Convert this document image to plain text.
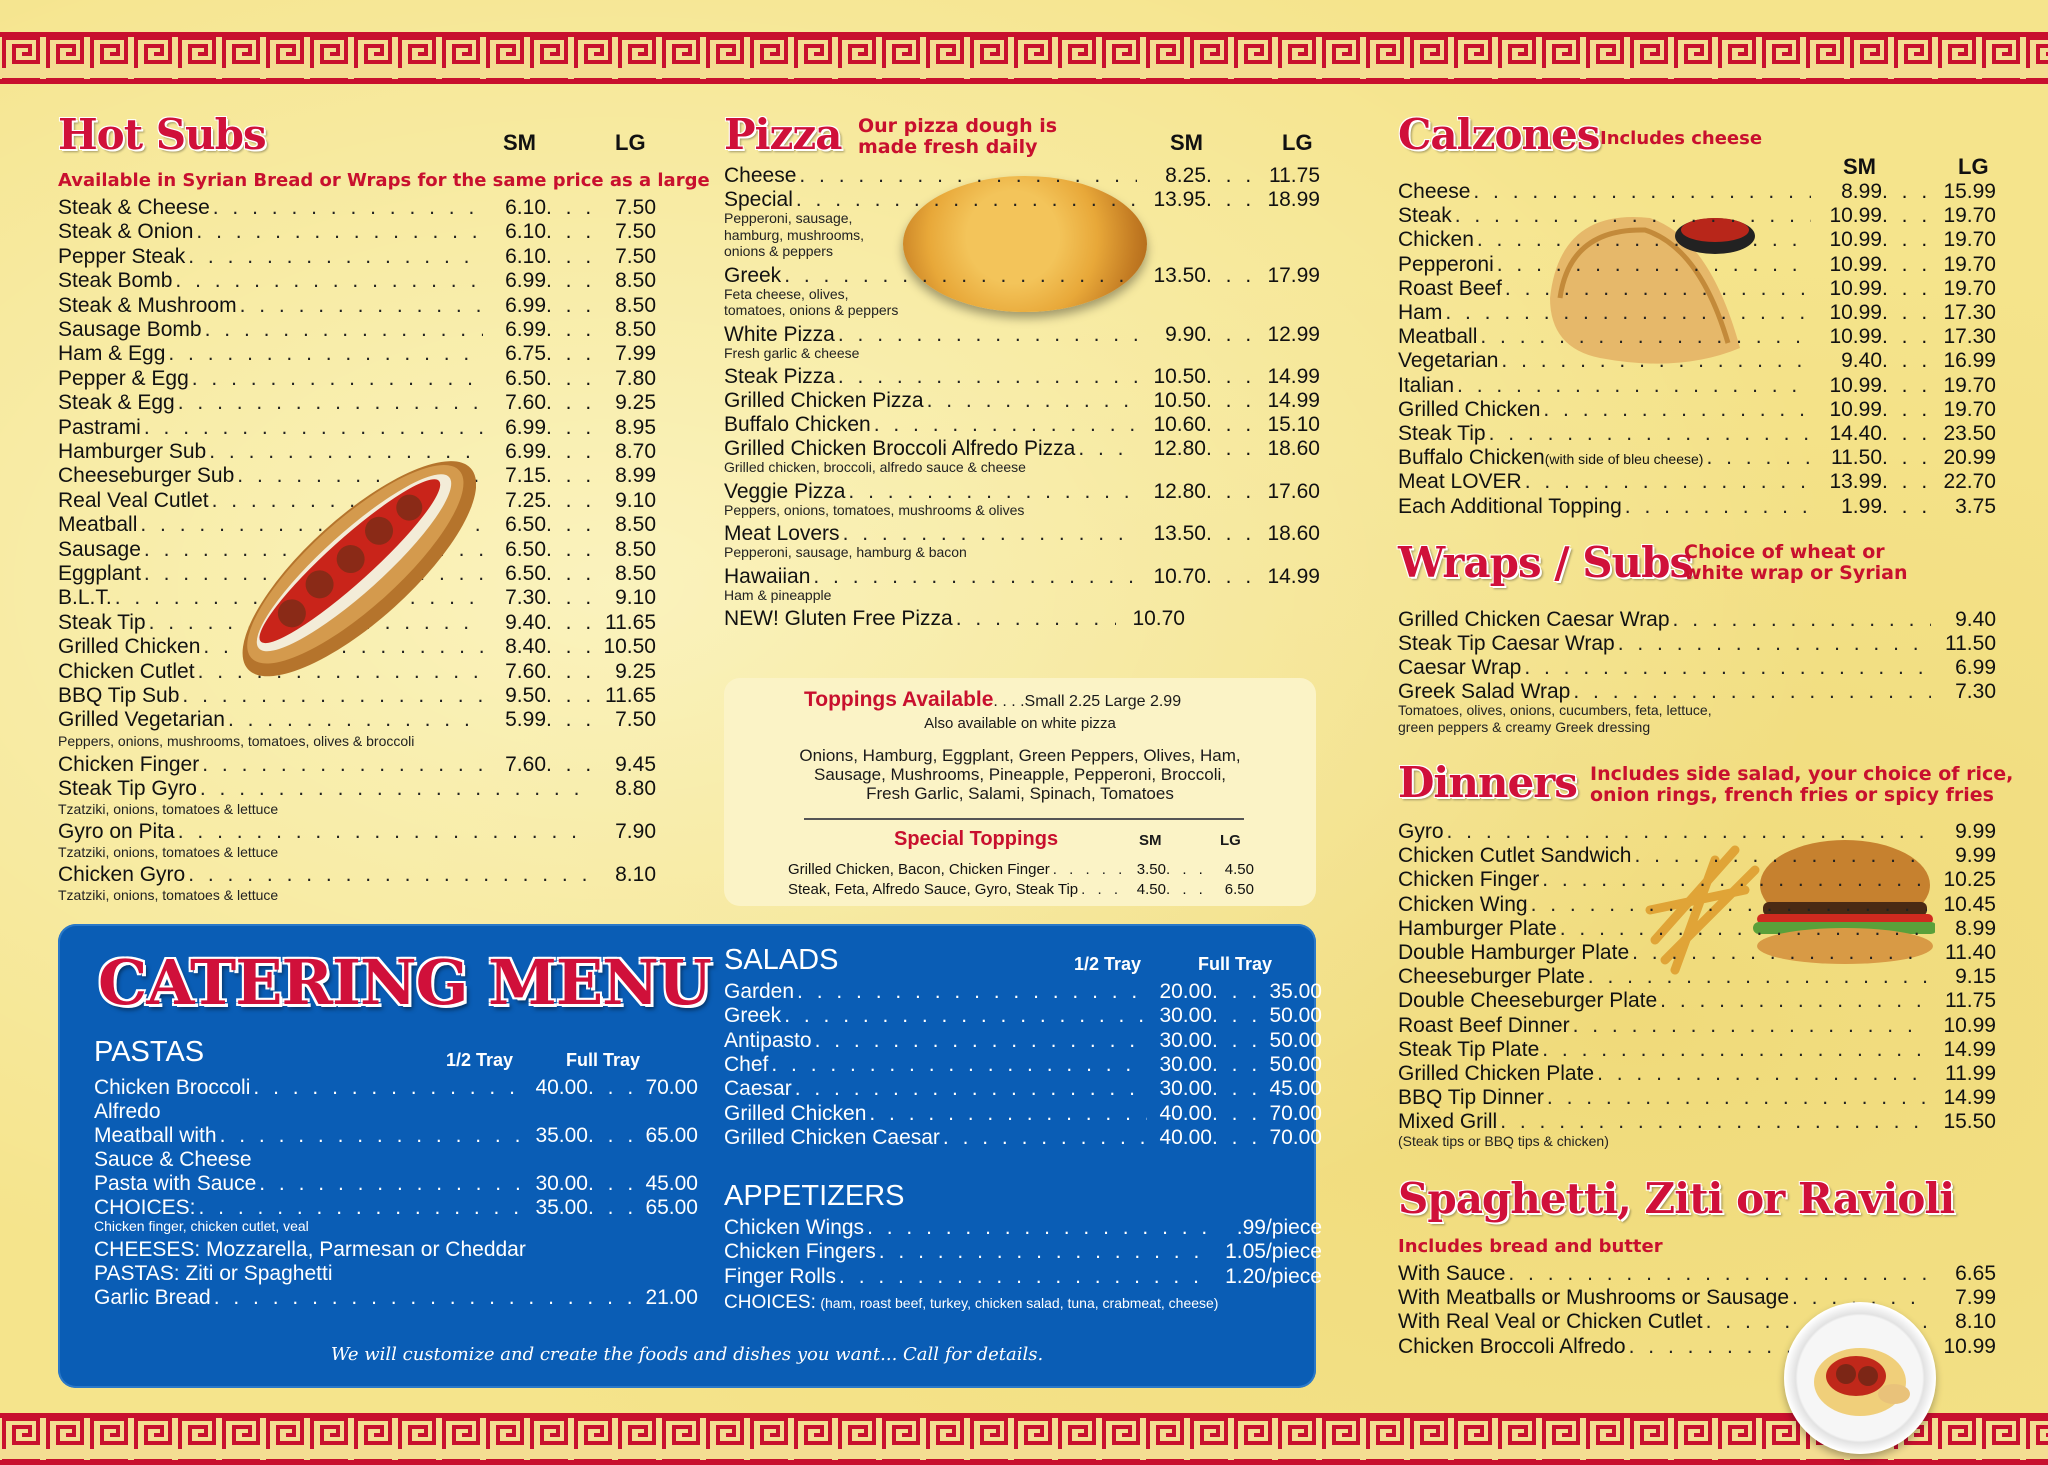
Hot Subs	SM	LG
Available in Syrian Bread or Wraps for the same price as a large
Steak & Cheese . . .	6.10 . . .	7.50
Steak & Onion . . .	6.10 . . .	7.50
Pepper Steak . . .	6.10 . . .	7.50
Steak Bomb . . .	6.99 . . .	8.50
Steak & Mushroom . . .	6.99 . . .	8.50
Sausage Bomb . . .	6.99 . . .	8.50
Ham & Egg . . .	6.75 . . .	7.99
Pepper & Egg . . .	6.50 . . .	7.80
Steak & Egg . . .	7.60 . . .	9.25
Pastrami . . .	6.99 . . .	8.95
Hamburger Sub . . .	6.99 . . .	8.70
Cheeseburger Sub . . .	7.15 . . .	8.99
Real Veal Cutlet . . .	7.25 . . .	9.10
Meatball . . .	6.50 . . .	8.50
Sausage . . .	6.50 . . .	8.50
Eggplant . . .	6.50 . . .	8.50
B.L.T. . . .	7.30 . . .	9.10
Steak Tip . . .	9.40 . . .	11.65
Grilled Chicken . . .	8.40 . . .	10.50
Chicken Cutlet . . .	7.60 . . .	9.25
BBQ Tip Sub . . .	9.50 . . .	11.65
Grilled Vegetarian . . .	5.99 . . .	7.50
Peppers, onions, mushrooms, tomatoes, olives & broccoli
Chicken Finger . . .	7.60 . . .	9.45
Steak Tip Gyro . . .	8.80
Tzatziki, onions, tomatoes & lettuce
Gyro on Pita . . .	7.90
Tzatziki, onions, tomatoes & lettuce
Chicken Gyro . . .	8.10
Tzatziki, onions, tomatoes & lettuce
Pizza Our pizza dough is
made fresh daily	SM	LG
Cheese . . .	8.25 . . .	11.75
Special . . .	13.95 . . .	18.99
Pepperoni, sausage,
hamburg, mushrooms,
onions & peppers
Greek . . .	13.50 . . .	17.99
Feta cheese, olives,
tomatoes, onions & peppers
White Pizza . . .	9.90 . . .	12.99
Fresh garlic & cheese
Steak Pizza . . .	10.50 . . .	14.99
Grilled Chicken Pizza . . .	10.50 . . .	14.99
Buffalo Chicken . . .	10.60 . . .	15.10
Grilled Chicken Broccoli Alfredo Pizza . . .	12.80 . . .	18.60
Grilled chicken, broccoli, alfredo sauce & cheese
Veggie Pizza . . .	12.80 . . .	17.60
Peppers, onions, tomatoes, mushrooms & olives
Meat Lovers . . .	13.50 . . .	18.60
Pepperoni, sausage, hamburg & bacon
Hawaiian . . .	10.70 . . .	14.99
Ham & pineapple
NEW! Gluten Free Pizza . . .	10.70
Toppings Available. . . .Small 2.25 Large 2.99
Also available on white pizza
Onions, Hamburg, Eggplant, Green Peppers, Olives, Ham,
Sausage, Mushrooms, Pineapple, Pepperoni, Broccoli,
Fresh Garlic, Salami, Spinach, Tomatoes
Special Toppings	SM	LG
Grilled Chicken, Bacon, Chicken Finger . . .	3.50 . . .	4.50
Steak, Feta, Alfredo Sauce, Gyro, Steak Tip . . .	4.50 . . .	6.50
Calzones Includes cheese
SM	LG
Cheese . . .	8.99 . . .	15.99
Steak . . .	10.99 . . .	19.70
Chicken . . .	10.99 . . .	19.70
Pepperoni . . .	10.99 . . .	19.70
Roast Beef . . .	10.99 . . .	19.70
Ham . . .	10.99 . . .	17.30
Meatball . . .	10.99 . . .	17.30
Vegetarian . . .	9.40 . . .	16.99
Italian . . .	10.99 . . .	19.70
Grilled Chicken . . .	10.99 . . .	19.70
Steak Tip . . .	14.40 . . .	23.50
Buffalo Chicken (with side of bleu cheese) . . .	11.50 . . .	20.99
Meat LOVER . . .	13.99 . . .	22.70
Each Additional Topping . . .	1.99 . . .	3.75
Wraps / Subs
Choice of wheat or
white wrap or Syrian
Grilled Chicken Caesar Wrap . . .	9.40
Steak Tip Caesar Wrap . . .	11.50
Caesar Wrap . . .	6.99
Greek Salad Wrap . . .	7.30
Tomatoes, olives, onions, cucumbers, feta, lettuce,
green peppers & creamy Greek dressing
Dinners Includes side salad, your choice of rice,
onion rings, french fries or spicy fries
Gyro . . .	9.99
Chicken Cutlet Sandwich . . .	9.99
Chicken Finger . . .	10.25
Chicken Wing . . .	10.45
Hamburger Plate . . .	8.99
Double Hamburger Plate . . .	11.40
Cheeseburger Plate . . .	9.15
Double Cheeseburger Plate . . .	11.75
Roast Beef Dinner . . .	10.99
Steak Tip Plate . . .	14.99
Grilled Chicken Plate . . .	11.99
BBQ Tip Dinner . . .	14.99
Mixed Grill . . .	15.50
(Steak tips or BBQ tips & chicken)
Spaghetti, Ziti or Ravioli
Includes bread and butter
With Sauce . . .	6.65
With Meatballs or Mushrooms or Sausage . . .	7.99
With Real Veal or Chicken Cutlet . . .	8.10
Chicken Broccoli Alfredo . . .	10.99
CATERING MENU
PASTAS	1/2 Tray	Full Tray
Chicken Broccoli . . .	40.00 . . .	70.00
Alfredo
Meatball with . . .	35.00 . . .	65.00
Sauce & Cheese
Pasta with Sauce . . .	30.00 . . .	45.00
CHOICES: . . .	35.00 . . .	65.00
Chicken finger, chicken cutlet, veal
CHEESES: Mozzarella, Parmesan or Cheddar
PASTAS: Ziti or Spaghetti
Garlic Bread . . .	21.00
SALADS	1/2 Tray	Full Tray
Garden . . .	20.00 . . .	35.00
Greek . . .	30.00 . . .	50.00
Antipasto . . .	30.00 . . .	50.00
Chef . . .	30.00 . . .	50.00
Caesar . . .	30.00 . . .	45.00
Grilled Chicken . . .	40.00 . . .	70.00
Grilled Chicken Caesar . . .	40.00 . . .	70.00
APPETIZERS
Chicken Wings . . .	.99/piece
Chicken Fingers . . .	1.05/piece
Finger Rolls . . .	1.20/piece
CHOICES: (ham, roast beef, turkey, chicken salad, tuna, crabmeat, cheese)
We will customize and create the foods and dishes you want... Call for details.
